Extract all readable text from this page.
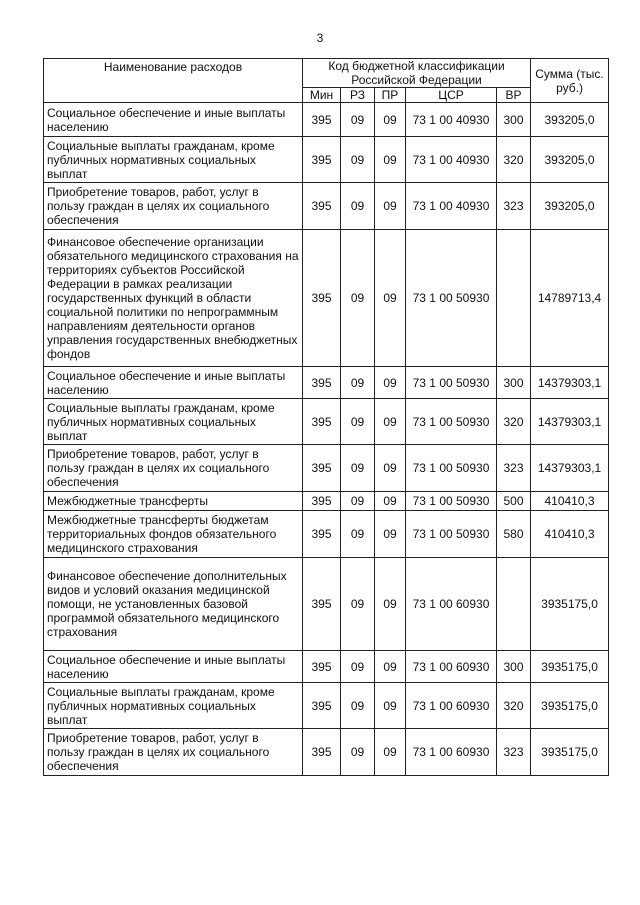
3
Наименование расходов	Код бюджетной классификации Российской Федерации					Сумма (тыс. руб.)
	Мин	РЗ	ПР	ЦСР	ВР	
Социальное обеспечение и иные выплаты населению	395	09	09	73 1 00 40930	300	393205,0
Социальные выплаты гражданам, кроме публичных нормативных социальных выплат	395	09	09	73 1 00 40930	320	393205,0
Приобретение товаров, работ, услуг в пользу граждан в целях их социального обеспечения	395	09	09	73 1 00 40930	323	393205,0
Финансовое обеспечение организации обязательного медицинского страхования на территориях субъектов Российской Федерации в рамках реализации государственных функций в области социальной политики по непрограммным направлениям деятельности органов управления государственных внебюджетных фондов	395	09	09	73 1 00 50930		14789713,4
Социальное обеспечение и иные выплаты населению	395	09	09	73 1 00 50930	300	14379303,1
Социальные выплаты гражданам, кроме публичных нормативных социальных выплат	395	09	09	73 1 00 50930	320	14379303,1
Приобретение товаров, работ, услуг в пользу граждан в целях их социального обеспечения	395	09	09	73 1 00 50930	323	14379303,1
Межбюджетные трансферты	395	09	09	73 1 00 50930	500	410410,3
Межбюджетные трансферты бюджетам территориальных фондов обязательного медицинского страхования	395	09	09	73 1 00 50930	580	410410,3
Финансовое обеспечение дополнительных видов и условий оказания медицинской помощи, не установленных базовой программой обязательного медицинского страхования	395	09	09	73 1 00 60930		3935175,0
Социальное обеспечение и иные выплаты населению	395	09	09	73 1 00 60930	300	3935175,0
Социальные выплаты гражданам, кроме публичных нормативных социальных выплат	395	09	09	73 1 00 60930	320	3935175,0
Приобретение товаров, работ, услуг в пользу граждан в целях их социального обеспечения	395	09	09	73 1 00 60930	323	3935175,0
